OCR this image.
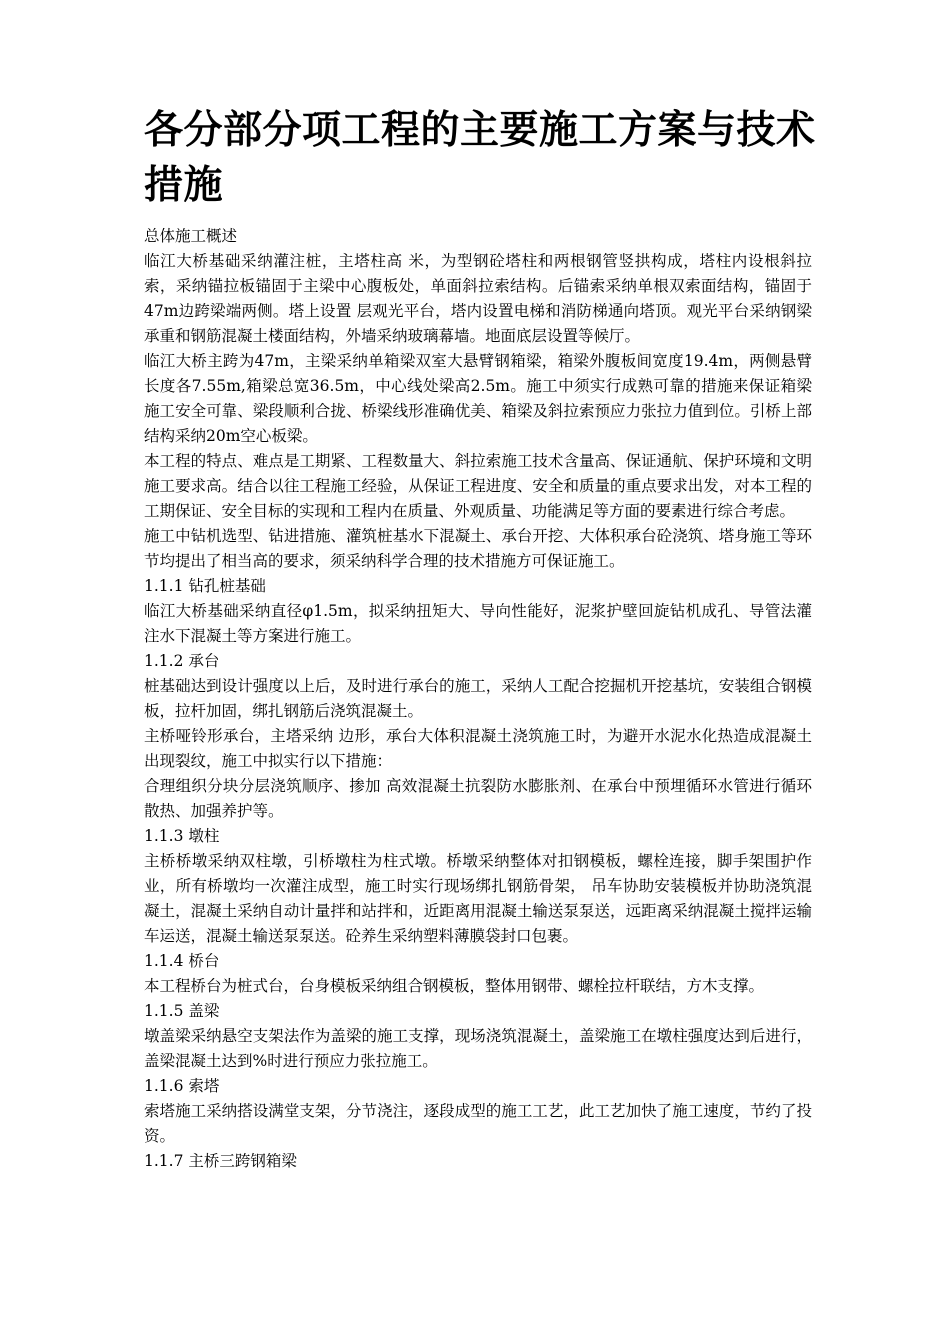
各分部分项工程的主要施工方案与技术措施

总体施工概述

临江大桥基础采纳灌注桩，主塔柱高 米，为型钢砼塔柱和两根钢管竖拱构成，塔柱内设根斜拉索，采纳锚拉板锚固于主梁中心腹板处，单面斜拉索结构。后锚索采纳单根双索面结构，锚固于47m边跨梁端两侧。塔上设置 层观光平台，塔内设置电梯和消防梯通向塔顶。观光平台采纳钢梁承重和钢筋混凝土楼面结构，外墙采纳玻璃幕墙。地面底层设置等候厅。

临江大桥主跨为47m，主梁采纳单箱梁双室大悬臂钢箱梁，箱梁外腹板间宽度19.4m，两侧悬臂长度各7.55m,箱梁总宽36.5m，中心线处梁高2.5m。施工中须实行成熟可靠的措施来保证箱梁施工安全可靠、梁段顺利合拢、桥梁线形准确优美、箱梁及斜拉索预应力张拉力值到位。引桥上部结构采纳20m空心板梁。

本工程的特点、难点是工期紧、工程数量大、斜拉索施工技术含量高、保证通航、保护环境和文明施工要求高。结合以往工程施工经验，从保证工程进度、安全和质量的重点要求出发，对本工程的工期保证、安全目标的实现和工程内在质量、外观质量、功能满足等方面的要素进行综合考虑。

施工中钻机选型、钻进措施、灌筑桩基水下混凝土、承台开挖、大体积承台砼浇筑、塔身施工等环节均提出了相当高的要求，须采纳科学合理的技术措施方可保证施工。

1.1.1 钻孔桩基础

临江大桥基础采纳直径φ1.5m，拟采纳扭矩大、导向性能好，泥浆护壁回旋钻机成孔、导管法灌注水下混凝土等方案进行施工。

1.1.2 承台

桩基础达到设计强度以上后，及时进行承台的施工，采纳人工配合挖掘机开挖基坑，安装组合钢模板，拉杆加固，绑扎钢筋后浇筑混凝土。

主桥哑铃形承台，主塔采纳 边形，承台大体积混凝土浇筑施工时，为避开水泥水化热造成混凝土出现裂纹，施工中拟实行以下措施：

合理组织分块分层浇筑顺序、掺加 高效混凝土抗裂防水膨胀剂、在承台中预埋循环水管进行循环散热、加强养护等。

1.1.3 墩柱

主桥桥墩采纳双柱墩，引桥墩柱为柱式墩。桥墩采纳整体对扣钢模板，螺栓连接，脚手架围护作业，所有桥墩均一次灌注成型，施工时实行现场绑扎钢筋骨架， 吊车协助安装模板并协助浇筑混凝土，混凝土采纳自动计量拌和站拌和，近距离用混凝土输送泵泵送，远距离采纳混凝土搅拌运输车运送，混凝土输送泵泵送。砼养生采纳塑料薄膜袋封口包裹。

1.1.4 桥台

本工程桥台为桩式台，台身模板采纳组合钢模板，整体用钢带、螺栓拉杆联结，方木支撑。

1.1.5 盖梁

墩盖梁采纳悬空支架法作为盖梁的施工支撑，现场浇筑混凝土，盖梁施工在墩柱强度达到后进行，盖梁混凝土达到%时进行预应力张拉施工。

1.1.6 索塔

索塔施工采纳搭设满堂支架，分节浇注，逐段成型的施工工艺，此工艺加快了施工速度，节约了投资。

1.1.7 主桥三跨钢箱梁
